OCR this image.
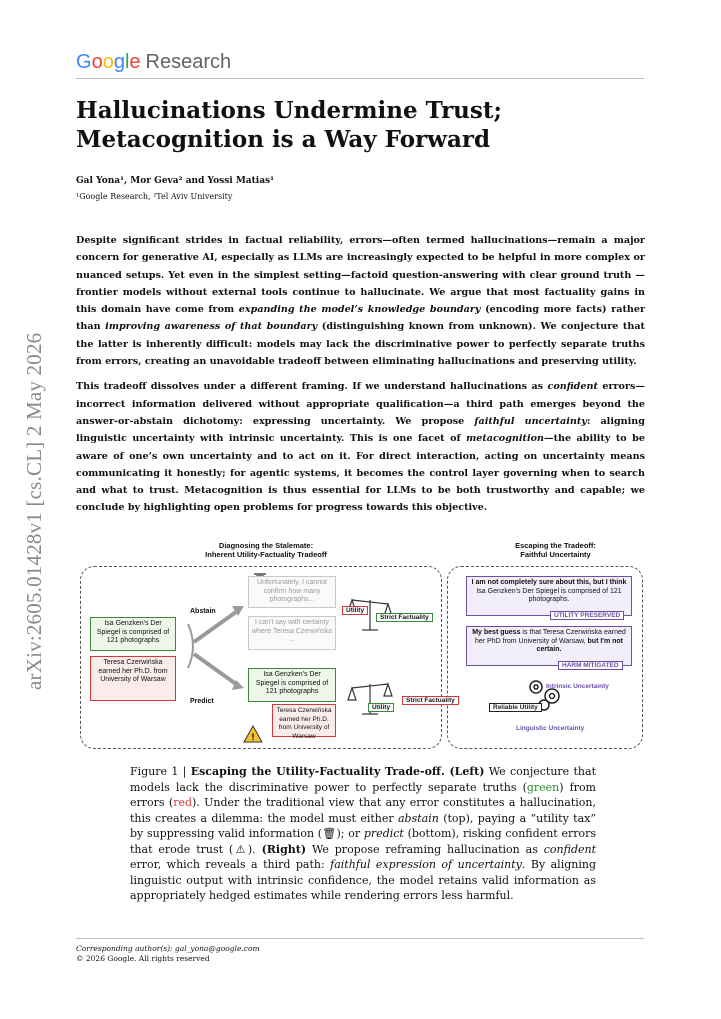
arXiv:2605.01428v1 [cs.CL] 2 May 2026
Google Research
Hallucinations Undermine Trust;
Metacognition is a Way Forward
Gal Yona¹, Mor Geva² and Yossi Matias¹
¹Google Research, ²Tel Aviv University

Despite significant strides in factual reliability, errors—often termed hallucinations—remain a major concern for generative AI, especially as LLMs are increasingly expected to be helpful in more complex or nuanced setups. Yet even in the simplest setting—factoid question-answering with clear ground truth — frontier models without external tools continue to hallucinate. We argue that most factuality gains in this domain have come from expanding the model’s knowledge boundary (encoding more facts) rather than improving awareness of that boundary (distinguishing known from unknown). We conjecture that the latter is inherently difficult: models may lack the discriminative power to perfectly separate truths from errors, creating an unavoidable tradeoff between eliminating hallucinations and preserving utility.

This tradeoff dissolves under a different framing. If we understand hallucinations as confident errors—incorrect information delivered without appropriate qualification—a third path emerges beyond the answer-or-abstain dichotomy: expressing uncertainty. We propose faithful uncertainty: aligning linguistic uncertainty with intrinsic uncertainty. This is one facet of metacognition—the ability to be aware of one’s own uncertainty and to act on it. For direct interaction, acting on uncertainty means communicating it honestly; for agentic systems, it becomes the control layer governing when to search and what to trust. Metacognition is thus essential for LLMs to be both trustworthy and capable; we conclude by highlighting open problems for progress towards this objective.

Diagnosing the Stalemate:
Inherent Utility-Factuality Tradeoff
Escaping the Tradeoff:
Faithful Uncertainty
!
Isa Genzken's Der Spiegel is comprised of 121 photographs
Teresa Czerwińska earned her Ph.D. from University of Warsaw
Abstain
Predict
Unfortunately, I cannot confirm how many photographs...
I can't say with certainty where Teresa Czerwińska ...
Isa Genzken's Der Spiegel is comprised of 121 photographs
Teresa Czerwińska earned her Ph.D. from University of Warsaw
Utility
Strict Factuality
Utility
Strict Factuality
I am not completely sure about this, but I think Isa Genzken's Der Spiegel is comprised of 121 photographs.
UTILITY PRESERVED
My best guess is that Teresa Czerwińska earned her PhD from University of Warsaw, but I'm not certain.
HARM MITIGATED
Reliable Utility
Intrinsic Uncertainty
Linguistic Uncertainty
Figure 1 | Escaping the Utility-Factuality Trade-off. (Left) We conjecture that models lack the discriminative power to perfectly separate truths (green) from errors (red). Under the traditional view that any error constitutes a hallucination, this creates a dilemma: the model must either abstain (top), paying a “utility tax” by suppressing valid information (🗑); or predict (bottom), risking confident errors that erode trust (⚠). (Right) We propose reframing hallucination as confident error, which reveals a third path: faithful expression of uncertainty. By aligning linguistic output with intrinsic confidence, the model retains valid information as appropriately hedged estimates while rendering errors less harmful.
Corresponding author(s): gal_yona@google.com
© 2026 Google. All rights reserved
